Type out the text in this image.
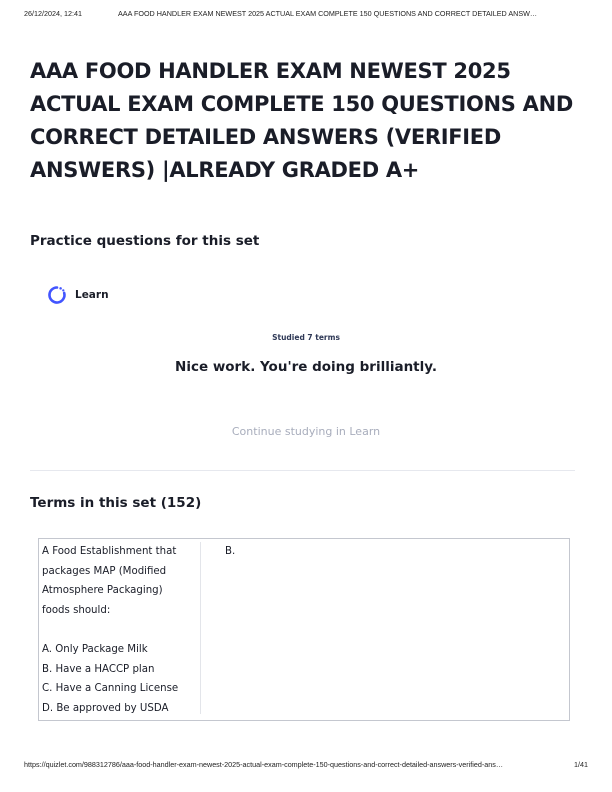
26/12/2024, 12:41	AAA FOOD HANDLER EXAM NEWEST 2025 ACTUAL EXAM COMPLETE 150 QUESTIONS AND CORRECT DETAILED ANSW…
AAA FOOD HANDLER EXAM NEWEST 2025 ACTUAL EXAM COMPLETE 150 QUESTIONS AND CORRECT DETAILED ANSWERS (VERIFIED ANSWERS) |ALREADY GRADED A+
Practice questions for this set
Learn
Studied 7 terms
Nice work. You're doing brilliantly.
Continue studying in Learn
Terms in this set (152)
A Food Establishment that
packages MAP (Modified
Atmosphere Packaging)
foods should:
A. Only Package Milk
B. Have a HACCP plan
C. Have a Canning License
D. Be approved by USDA
B.
https://quizlet.com/988312786/aaa-food-handler-exam-newest-2025-actual-exam-complete-150-questions-and-correct-detailed-answers-verified-ans…	1/41
